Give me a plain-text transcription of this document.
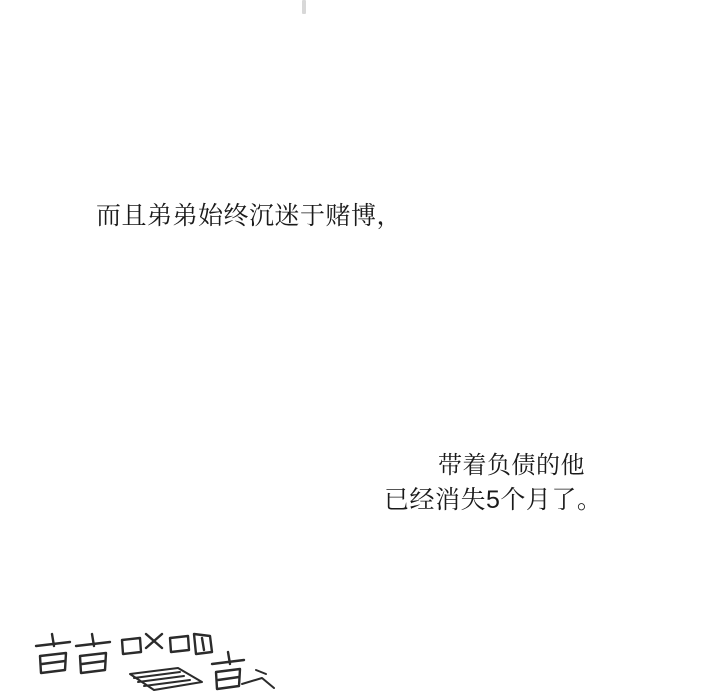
而且弟弟始终沉迷于赌博，
带着负债的他
已经消失5个月了。
